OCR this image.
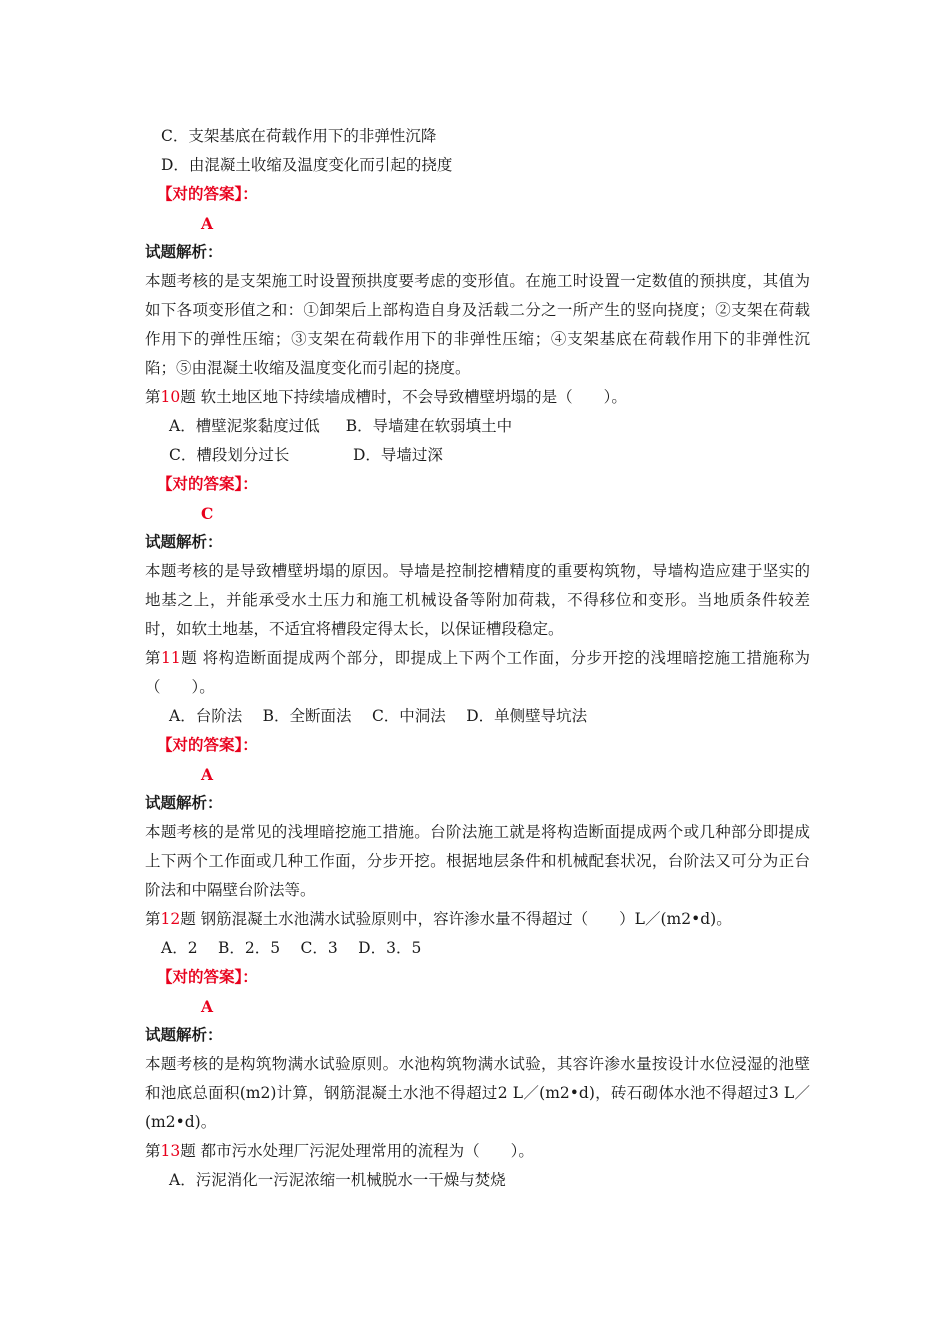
C．支架基底在荷载作用下的非弹性沉降
D．由混凝土收缩及温度变化而引起的挠度
【对的答案】：
A
试题解析：
本题考核的是支架施工时设置预拱度要考虑的变形值。在施工时设置一定数值的预拱度，其值为如下各项变形值之和：①卸架后上部构造自身及活载二分之一所产生的竖向挠度；②支架在荷载作用下的弹性压缩；③支架在荷载作用下的非弹性压缩；④支架基底在荷载作用下的非弹性沉陷；⑤由混凝土收缩及温度变化而引起的挠度。
第10题 软土地区地下持续墙成槽时，不会导致槽壁坍塌的是（　　）。
A．槽壁泥浆黏度过低 B．导墙建在软弱填土中
C．槽段划分过长	D．导墙过深
【对的答案】：
C
试题解析：
本题考核的是导致槽壁坍塌的原因。导墙是控制挖槽精度的重要构筑物，导墙构造应建于坚实的地基之上，并能承受水土压力和施工机械设备等附加荷栽，不得移位和变形。当地质条件较差时，如软土地基，不适宜将槽段定得太长，以保证槽段稳定。
第11题 将构造断面提成两个部分，即提成上下两个工作面，分步开挖的浅埋暗挖施工措施称为（　　）。
A．台阶法　 B．全断面法　 C．中洞法　 D．单侧壁导坑法
【对的答案】：
A
试题解析：
本题考核的是常见的浅埋暗挖施工措施。台阶法施工就是将构造断面提成两个或几种部分即提成上下两个工作面或几种工作面，分步开挖。根据地层条件和机械配套状况，台阶法又可分为正台阶法和中隔壁台阶法等。
第12题 钢筋混凝土水池满水试验原则中，容许渗水量不得超过（　　）L／(m2•d)。
A．2　 B．2．5　 C．3　 D．3．5
【对的答案】：
A
试题解析：
本题考核的是构筑物满水试验原则。水池构筑物满水试验，其容许渗水量按设计水位浸湿的池壁和池底总面积(m2)计算，钢筋混凝土水池不得超过2 L／(m2•d)，砖石砌体水池不得超过3 L／(m2•d)。
第13题 都市污水处理厂污泥处理常用的流程为（　　）。
A．污泥消化一污泥浓缩一机械脱水一干燥与焚烧
